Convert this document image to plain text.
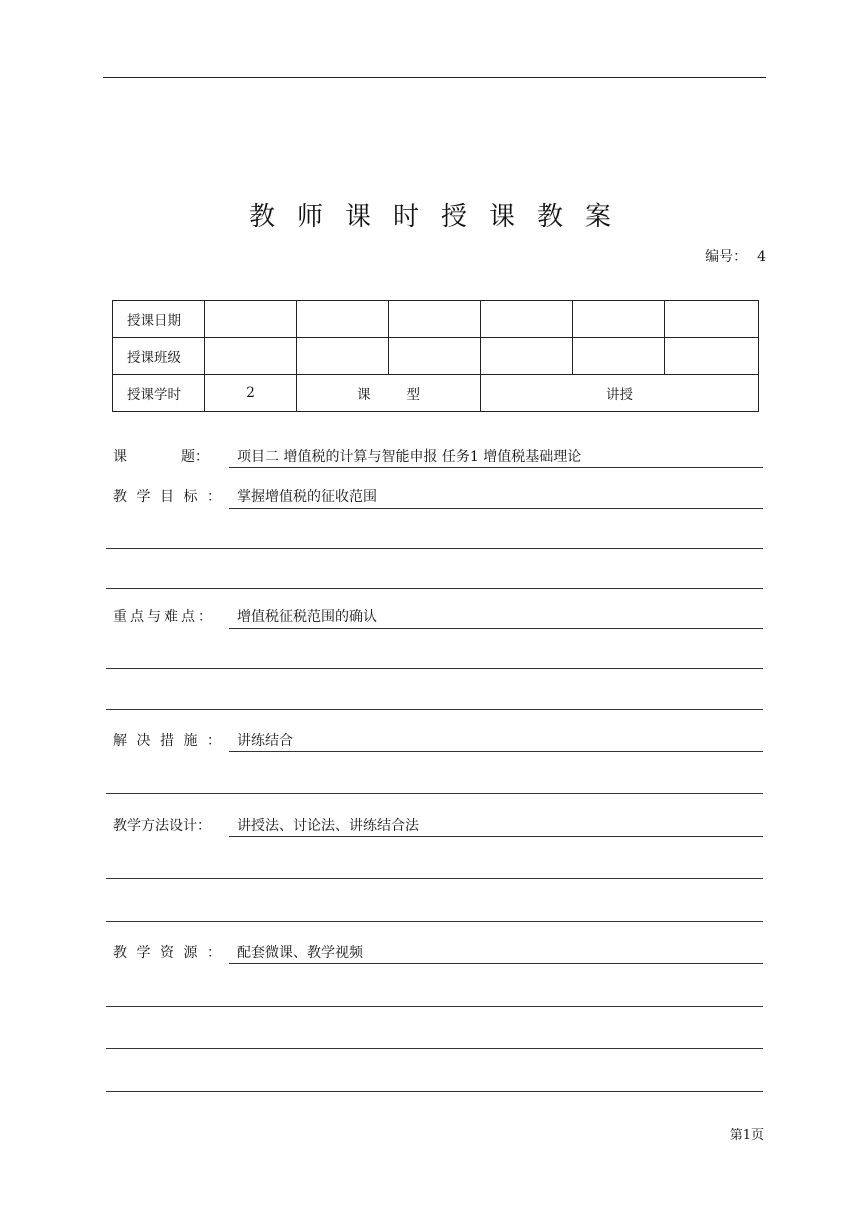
教师课时授课教案
编号： 4
授课日期						
授课班级						
授课学时	2	课型		讲授		
课题： 项目二 增值税的计算与智能申报 任务1 增值税基础理论
教学目标： 掌握增值税的征收范围
重点与难点： 增值税征税范围的确认
解决措施： 讲练结合
教学方法设计： 讲授法、讨论法、讲练结合法
教学资源： 配套微课、教学视频
第1页
